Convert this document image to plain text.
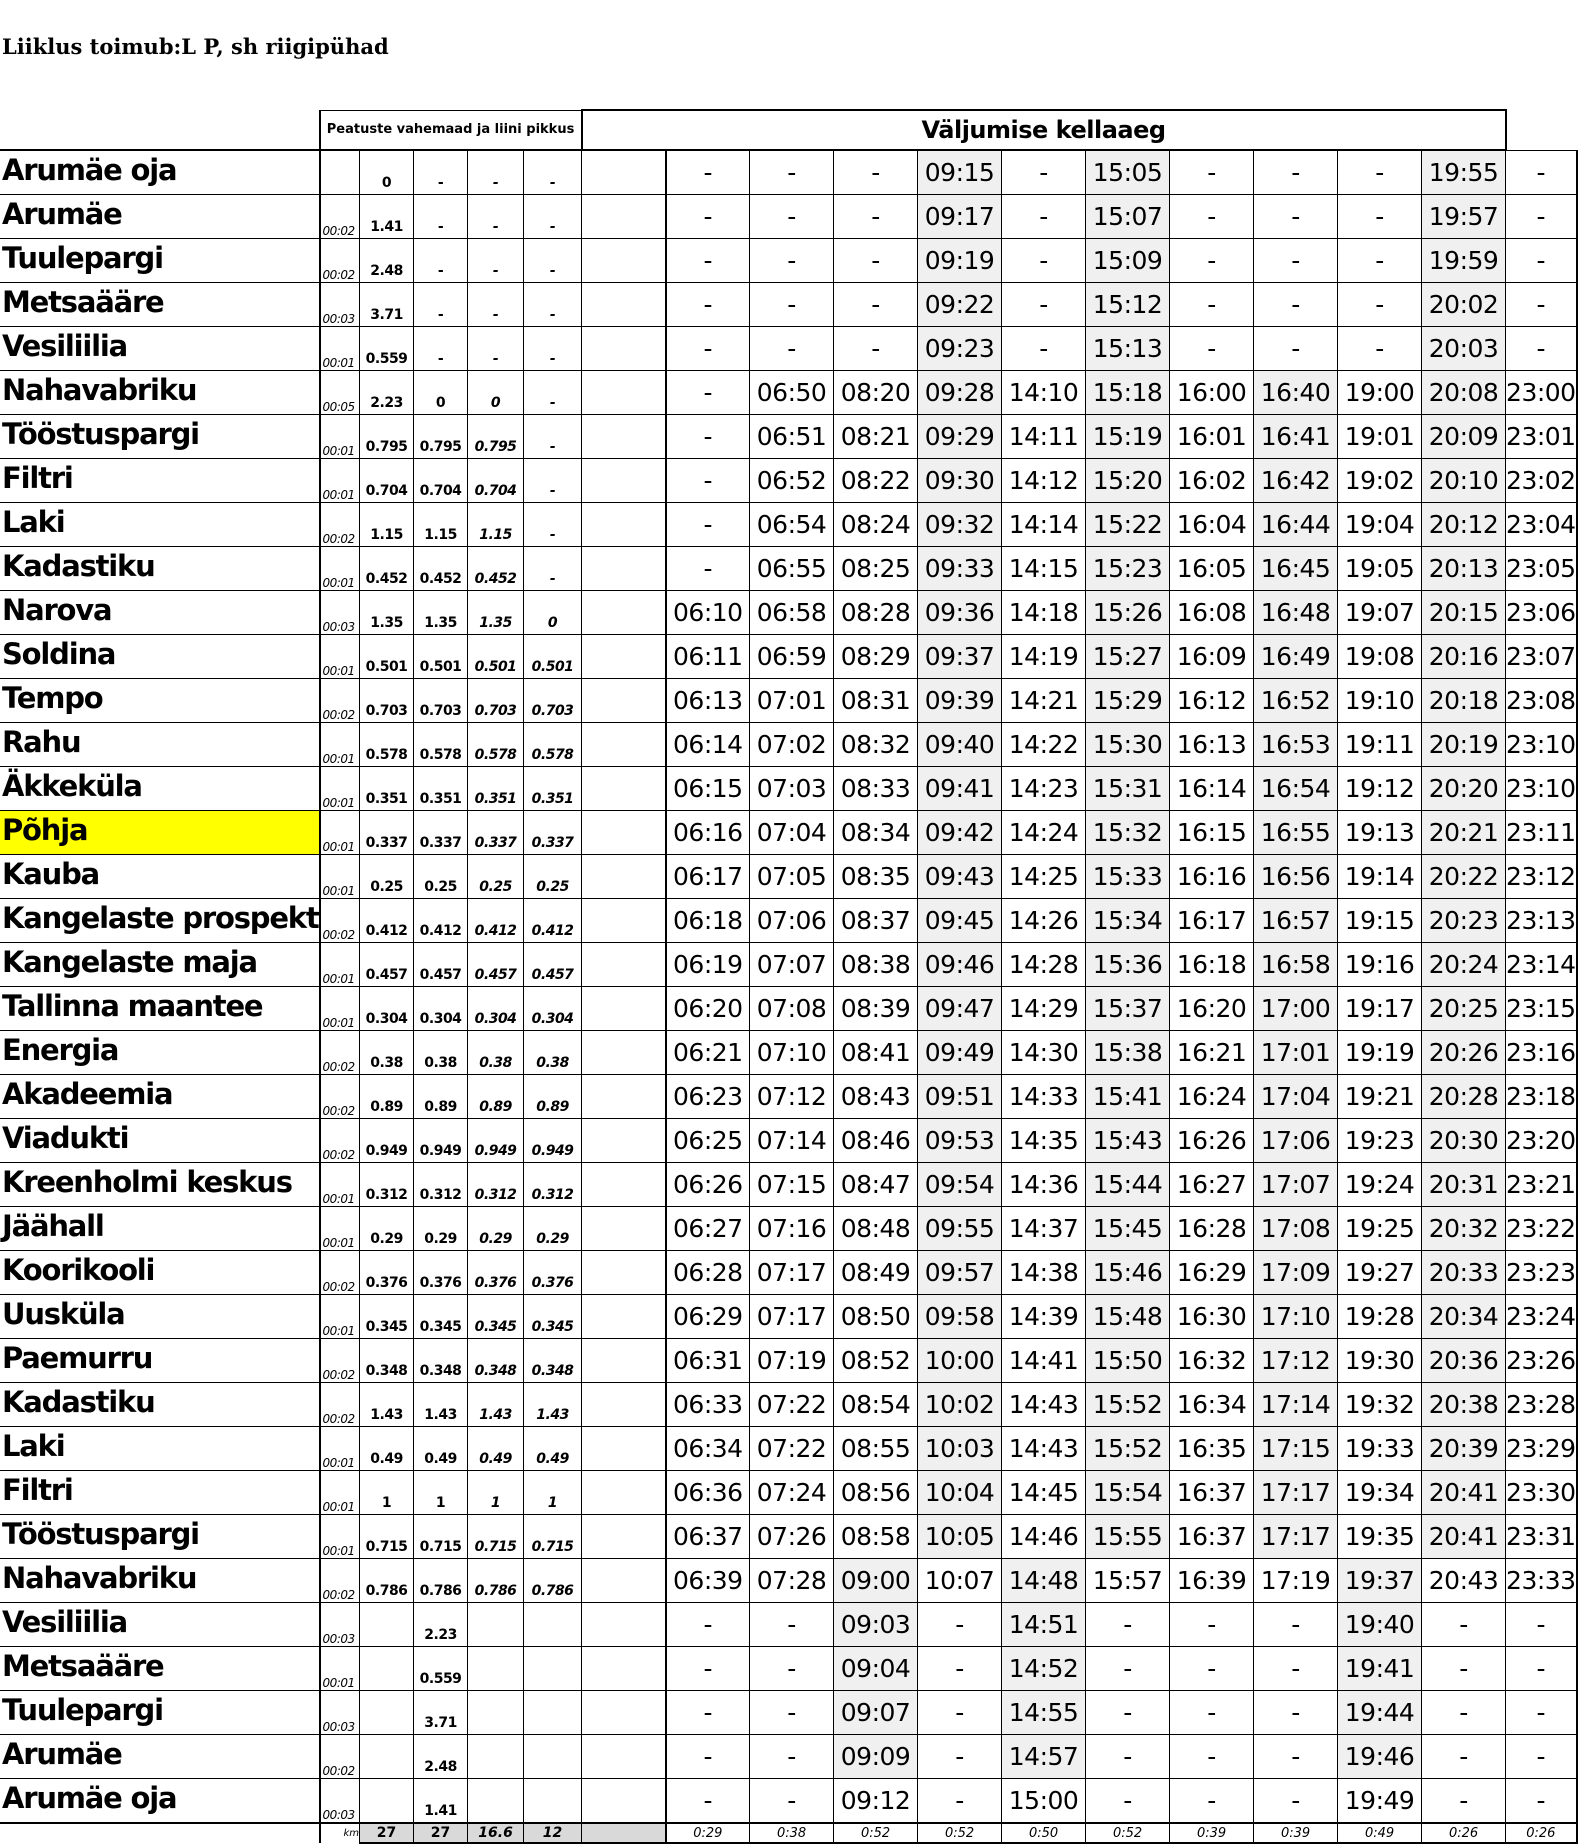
Liiklus toimub:L P, sh riigipühad
	Peatuste vahemaad ja liini pikkus					Väljumise kellaaeg											
Arumäe oja		0	-	-	-		-	-	-	09:15	-	15:05	-	-	-	19:55	-
Arumäe	00:02	1.41	-	-	-		-	-	-	09:17	-	15:07	-	-	-	19:57	-
Tuulepargi	00:02	2.48	-	-	-		-	-	-	09:19	-	15:09	-	-	-	19:59	-
Metsaääre	00:03	3.71	-	-	-		-	-	-	09:22	-	15:12	-	-	-	20:02	-
Vesiliilia	00:01	0.559	-	-	-		-	-	-	09:23	-	15:13	-	-	-	20:03	-
Nahavabriku	00:05	2.23	0	0	-		-	06:50	08:20	09:28	14:10	15:18	16:00	16:40	19:00	20:08	23:00
Tööstuspargi	00:01	0.795	0.795	0.795	-		-	06:51	08:21	09:29	14:11	15:19	16:01	16:41	19:01	20:09	23:01
Filtri	00:01	0.704	0.704	0.704	-		-	06:52	08:22	09:30	14:12	15:20	16:02	16:42	19:02	20:10	23:02
Laki	00:02	1.15	1.15	1.15	-		-	06:54	08:24	09:32	14:14	15:22	16:04	16:44	19:04	20:12	23:04
Kadastiku	00:01	0.452	0.452	0.452	-		-	06:55	08:25	09:33	14:15	15:23	16:05	16:45	19:05	20:13	23:05
Narova	00:03	1.35	1.35	1.35	0		06:10	06:58	08:28	09:36	14:18	15:26	16:08	16:48	19:07	20:15	23:06
Soldina	00:01	0.501	0.501	0.501	0.501		06:11	06:59	08:29	09:37	14:19	15:27	16:09	16:49	19:08	20:16	23:07
Tempo	00:02	0.703	0.703	0.703	0.703		06:13	07:01	08:31	09:39	14:21	15:29	16:12	16:52	19:10	20:18	23:08
Rahu	00:01	0.578	0.578	0.578	0.578		06:14	07:02	08:32	09:40	14:22	15:30	16:13	16:53	19:11	20:19	23:10
Äkkeküla	00:01	0.351	0.351	0.351	0.351		06:15	07:03	08:33	09:41	14:23	15:31	16:14	16:54	19:12	20:20	23:10
Põhja	00:01	0.337	0.337	0.337	0.337		06:16	07:04	08:34	09:42	14:24	15:32	16:15	16:55	19:13	20:21	23:11
Kauba	00:01	0.25	0.25	0.25	0.25		06:17	07:05	08:35	09:43	14:25	15:33	16:16	16:56	19:14	20:22	23:12
Kangelaste prospekt	00:02	0.412	0.412	0.412	0.412		06:18	07:06	08:37	09:45	14:26	15:34	16:17	16:57	19:15	20:23	23:13
Kangelaste maja	00:01	0.457	0.457	0.457	0.457		06:19	07:07	08:38	09:46	14:28	15:36	16:18	16:58	19:16	20:24	23:14
Tallinna maantee	00:01	0.304	0.304	0.304	0.304		06:20	07:08	08:39	09:47	14:29	15:37	16:20	17:00	19:17	20:25	23:15
Energia	00:02	0.38	0.38	0.38	0.38		06:21	07:10	08:41	09:49	14:30	15:38	16:21	17:01	19:19	20:26	23:16
Akadeemia	00:02	0.89	0.89	0.89	0.89		06:23	07:12	08:43	09:51	14:33	15:41	16:24	17:04	19:21	20:28	23:18
Viadukti	00:02	0.949	0.949	0.949	0.949		06:25	07:14	08:46	09:53	14:35	15:43	16:26	17:06	19:23	20:30	23:20
Kreenholmi keskus	00:01	0.312	0.312	0.312	0.312		06:26	07:15	08:47	09:54	14:36	15:44	16:27	17:07	19:24	20:31	23:21
Jäähall	00:01	0.29	0.29	0.29	0.29		06:27	07:16	08:48	09:55	14:37	15:45	16:28	17:08	19:25	20:32	23:22
Koorikooli	00:02	0.376	0.376	0.376	0.376		06:28	07:17	08:49	09:57	14:38	15:46	16:29	17:09	19:27	20:33	23:23
Uusküla	00:01	0.345	0.345	0.345	0.345		06:29	07:17	08:50	09:58	14:39	15:48	16:30	17:10	19:28	20:34	23:24
Paemurru	00:02	0.348	0.348	0.348	0.348		06:31	07:19	08:52	10:00	14:41	15:50	16:32	17:12	19:30	20:36	23:26
Kadastiku	00:02	1.43	1.43	1.43	1.43		06:33	07:22	08:54	10:02	14:43	15:52	16:34	17:14	19:32	20:38	23:28
Laki	00:01	0.49	0.49	0.49	0.49		06:34	07:22	08:55	10:03	14:43	15:52	16:35	17:15	19:33	20:39	23:29
Filtri	00:01	1	1	1	1		06:36	07:24	08:56	10:04	14:45	15:54	16:37	17:17	19:34	20:41	23:30
Tööstuspargi	00:01	0.715	0.715	0.715	0.715		06:37	07:26	08:58	10:05	14:46	15:55	16:37	17:17	19:35	20:41	23:31
Nahavabriku	00:02	0.786	0.786	0.786	0.786		06:39	07:28	09:00	10:07	14:48	15:57	16:39	17:19	19:37	20:43	23:33
Vesiliilia	00:03		2.23				-	-	09:03	-	14:51	-	-	-	19:40	-	-
Metsaääre	00:01		0.559				-	-	09:04	-	14:52	-	-	-	19:41	-	-
Tuulepargi	00:03		3.71				-	-	09:07	-	14:55	-	-	-	19:44	-	-
Arumäe	00:02		2.48				-	-	09:09	-	14:57	-	-	-	19:46	-	-
Arumäe oja	00:03		1.41				-	-	09:12	-	15:00	-	-	-	19:49	-	-
	km	27	27	16.6	12		0:29	0:38	0:52	0:52	0:50	0:52	0:39	0:39	0:49	0:26	0:26
